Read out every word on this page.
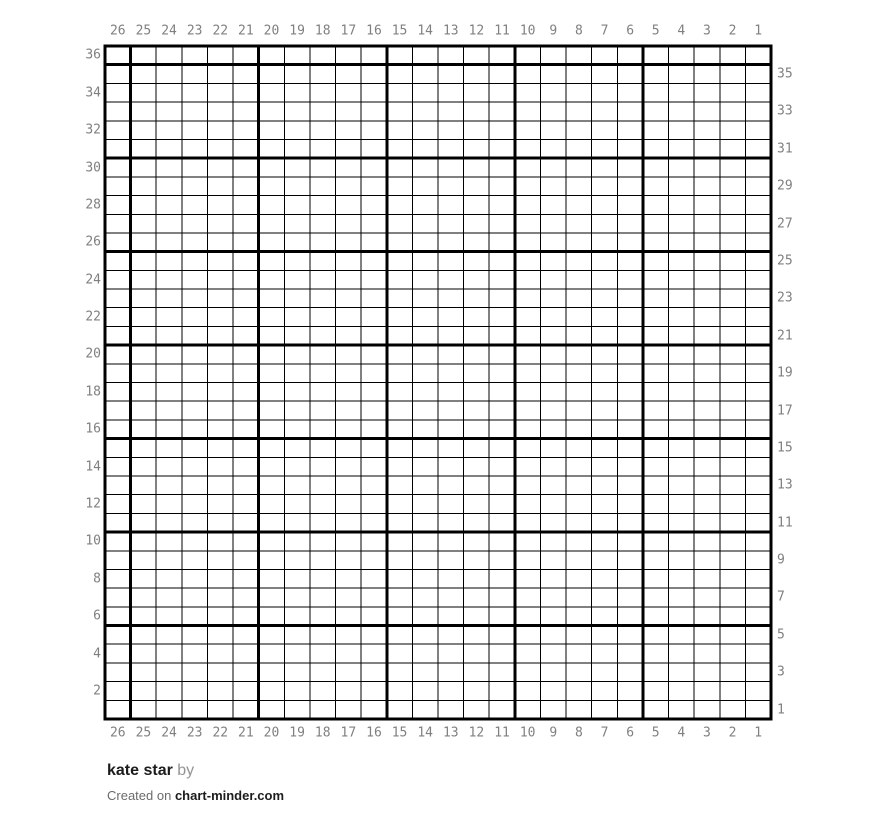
26 25 24 23 22 21 20 19 18 17 16 15 14 13 12 11 10 9 8 7 6 5 4 3 2 1
26 25 24 23 22 21 20 19 18 17 16 15 14 13 12 11 10 9 8 7 6 5 4 3 2 1
36
34
32
30
28
26
24
22
20
18
16
14
12
10
8
6
4
2
35
33
31
29
27
25
23
21
19
17
15
13
11
9
7
5
3
1
kate star by
Created on chart-minder.com
